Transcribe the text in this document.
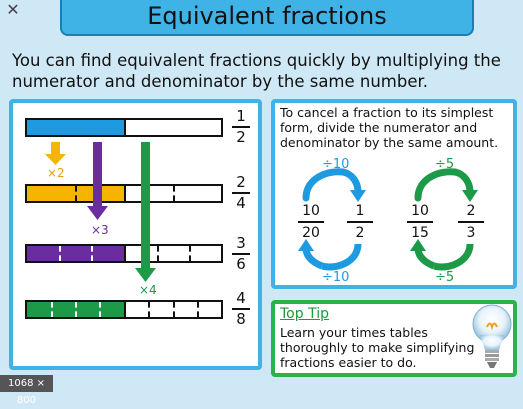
✕	Equivalent fractions
You can find equivalent fractions quickly by multiplying the numerator and denominator by the same number.
×2
×3
×4
1
2
2
4
3
6
4
8
To cancel a fraction to its simplest form, divide the numerator and denominator by the same amount.
÷10
÷10
10
20
1
2
÷5
÷5
10
15
2
3
Top Tip
Learn your times tables thoroughly to make simplifying fractions easier to do.
1068 × 800
